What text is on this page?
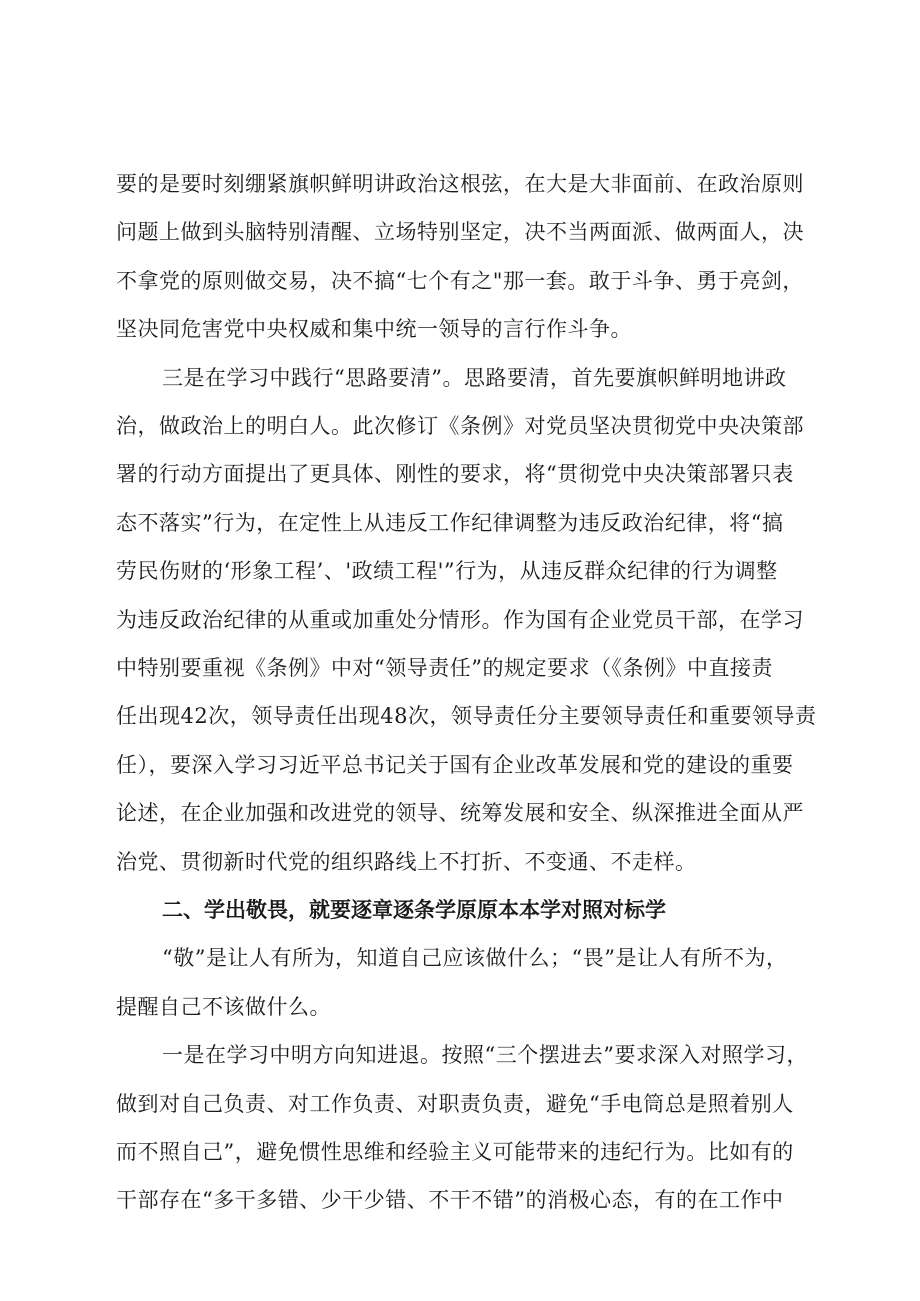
要的是要时刻绷紧旗帜鲜明讲政治这根弦，在大是大非面前、在政治原则
问题上做到头脑特别清醒、立场特别坚定，决不当两面派、做两面人，决
不拿党的原则做交易，决不搞“七个有之"那一套。敢于斗争、勇于亮剑，
坚决同危害党中央权威和集中统一领导的言行作斗争。
三是在学习中践行“思路要清”。思路要清，首先要旗帜鲜明地讲政
治，做政治上的明白人。此次修订《条例》对党员坚决贯彻党中央决策部
署的行动方面提出了更具体、刚性的要求，将“贯彻党中央决策部署只表
态不落实”行为，在定性上从违反工作纪律调整为违反政治纪律，将“搞
劳民伤财的‘形象工程’、'政绩工程'”行为，从违反群众纪律的行为调整
为违反政治纪律的从重或加重处分情形。作为国有企业党员干部，在学习
中特别要重视《条例》中对“领导责任”的规定要求（《条例》中直接责
任出现42次，领导责任出现48次，领导责任分主要领导责任和重要领导责
任），要深入学习习近平总书记关于国有企业改革发展和党的建设的重要
论述，在企业加强和改进党的领导、统筹发展和安全、纵深推进全面从严
治党、贯彻新时代党的组织路线上不打折、不变通、不走样。
二、学出敬畏，就要逐章逐条学原原本本学对照对标学
“敬”是让人有所为，知道自己应该做什么；“畏”是让人有所不为，
提醒自己不该做什么。
一是在学习中明方向知进退。按照“三个摆进去”要求深入对照学习，
做到对自己负责、对工作负责、对职责负责，避免“手电筒总是照着别人
而不照自己”，避免惯性思维和经验主义可能带来的违纪行为。比如有的
干部存在“多干多错、少干少错、不干不错”的消极心态，有的在工作中
